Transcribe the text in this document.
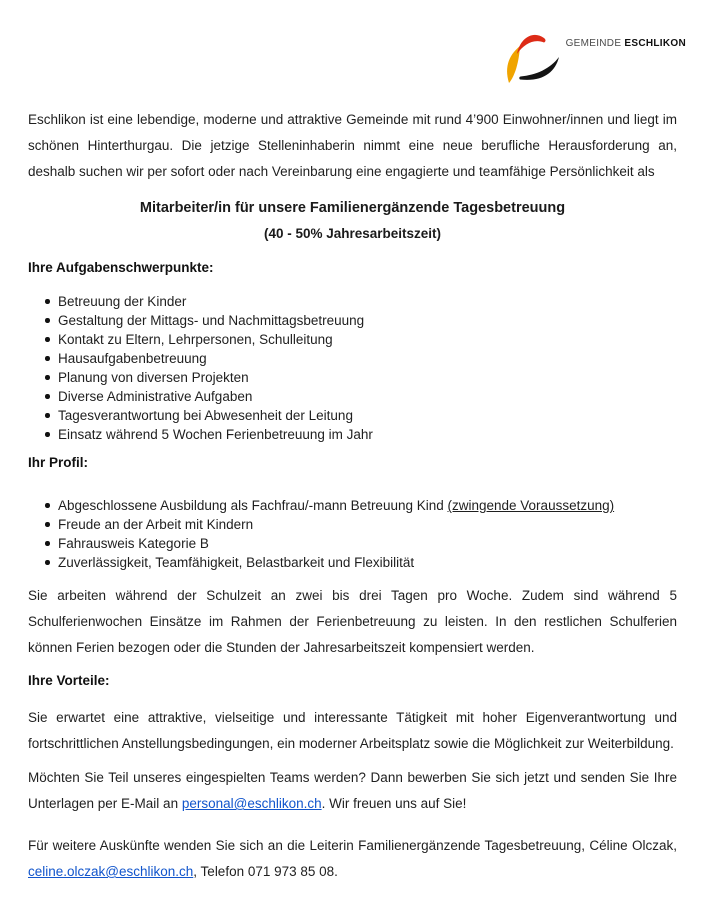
GEMEINDE ESCHLIKON

Eschlikon ist eine lebendige, moderne und attraktive Gemeinde mit rund 4’900 Einwohner/innen und liegt im schönen Hinterthurgau. Die jetzige Stelleninhaberin nimmt eine neue berufliche Herausforderung an, deshalb suchen wir per sofort oder nach Vereinbarung eine engagierte und teamfähige Persönlichkeit als

Mitarbeiter/in für unsere Familienergänzende Tagesbetreuung
(40 - 50% Jahresarbeitszeit)
Ihre Aufgabenschwerpunkte:
Betreuung der Kinder
Gestaltung der Mittags- und Nachmittagsbetreuung
Kontakt zu Eltern, Lehrpersonen, Schulleitung
Hausaufgabenbetreuung
Planung von diversen Projekten
Diverse Administrative Aufgaben
Tagesverantwortung bei Abwesenheit der Leitung
Einsatz während 5 Wochen Ferienbetreuung im Jahr
Ihr Profil:
Abgeschlossene Ausbildung als Fachfrau/-mann Betreuung Kind (zwingende Voraussetzung)
Freude an der Arbeit mit Kindern
Fahrausweis Kategorie B
Zuverlässigkeit, Teamfähigkeit, Belastbarkeit und Flexibilität

Sie arbeiten während der Schulzeit an zwei bis drei Tagen pro Woche. Zudem sind während 5 Schulferienwochen Einsätze im Rahmen der Ferienbetreuung zu leisten. In den restlichen Schulferien können Ferien bezogen oder die Stunden der Jahresarbeitszeit kompensiert werden.

Ihre Vorteile:

Sie erwartet eine attraktive, vielseitige und interessante Tätigkeit mit hoher Eigenverantwortung und fortschrittlichen Anstellungsbedingungen, ein moderner Arbeitsplatz sowie die Möglichkeit zur Weiterbildung.

Möchten Sie Teil unseres eingespielten Teams werden? Dann bewerben Sie sich jetzt und senden Sie Ihre Unterlagen per E-Mail an personal@eschlikon.ch. Wir freuen uns auf Sie!

Für weitere Auskünfte wenden Sie sich an die Leiterin Familienergänzende Tagesbetreuung, Céline Olczak, celine.olczak@eschlikon.ch, Telefon 071 973 85 08.
